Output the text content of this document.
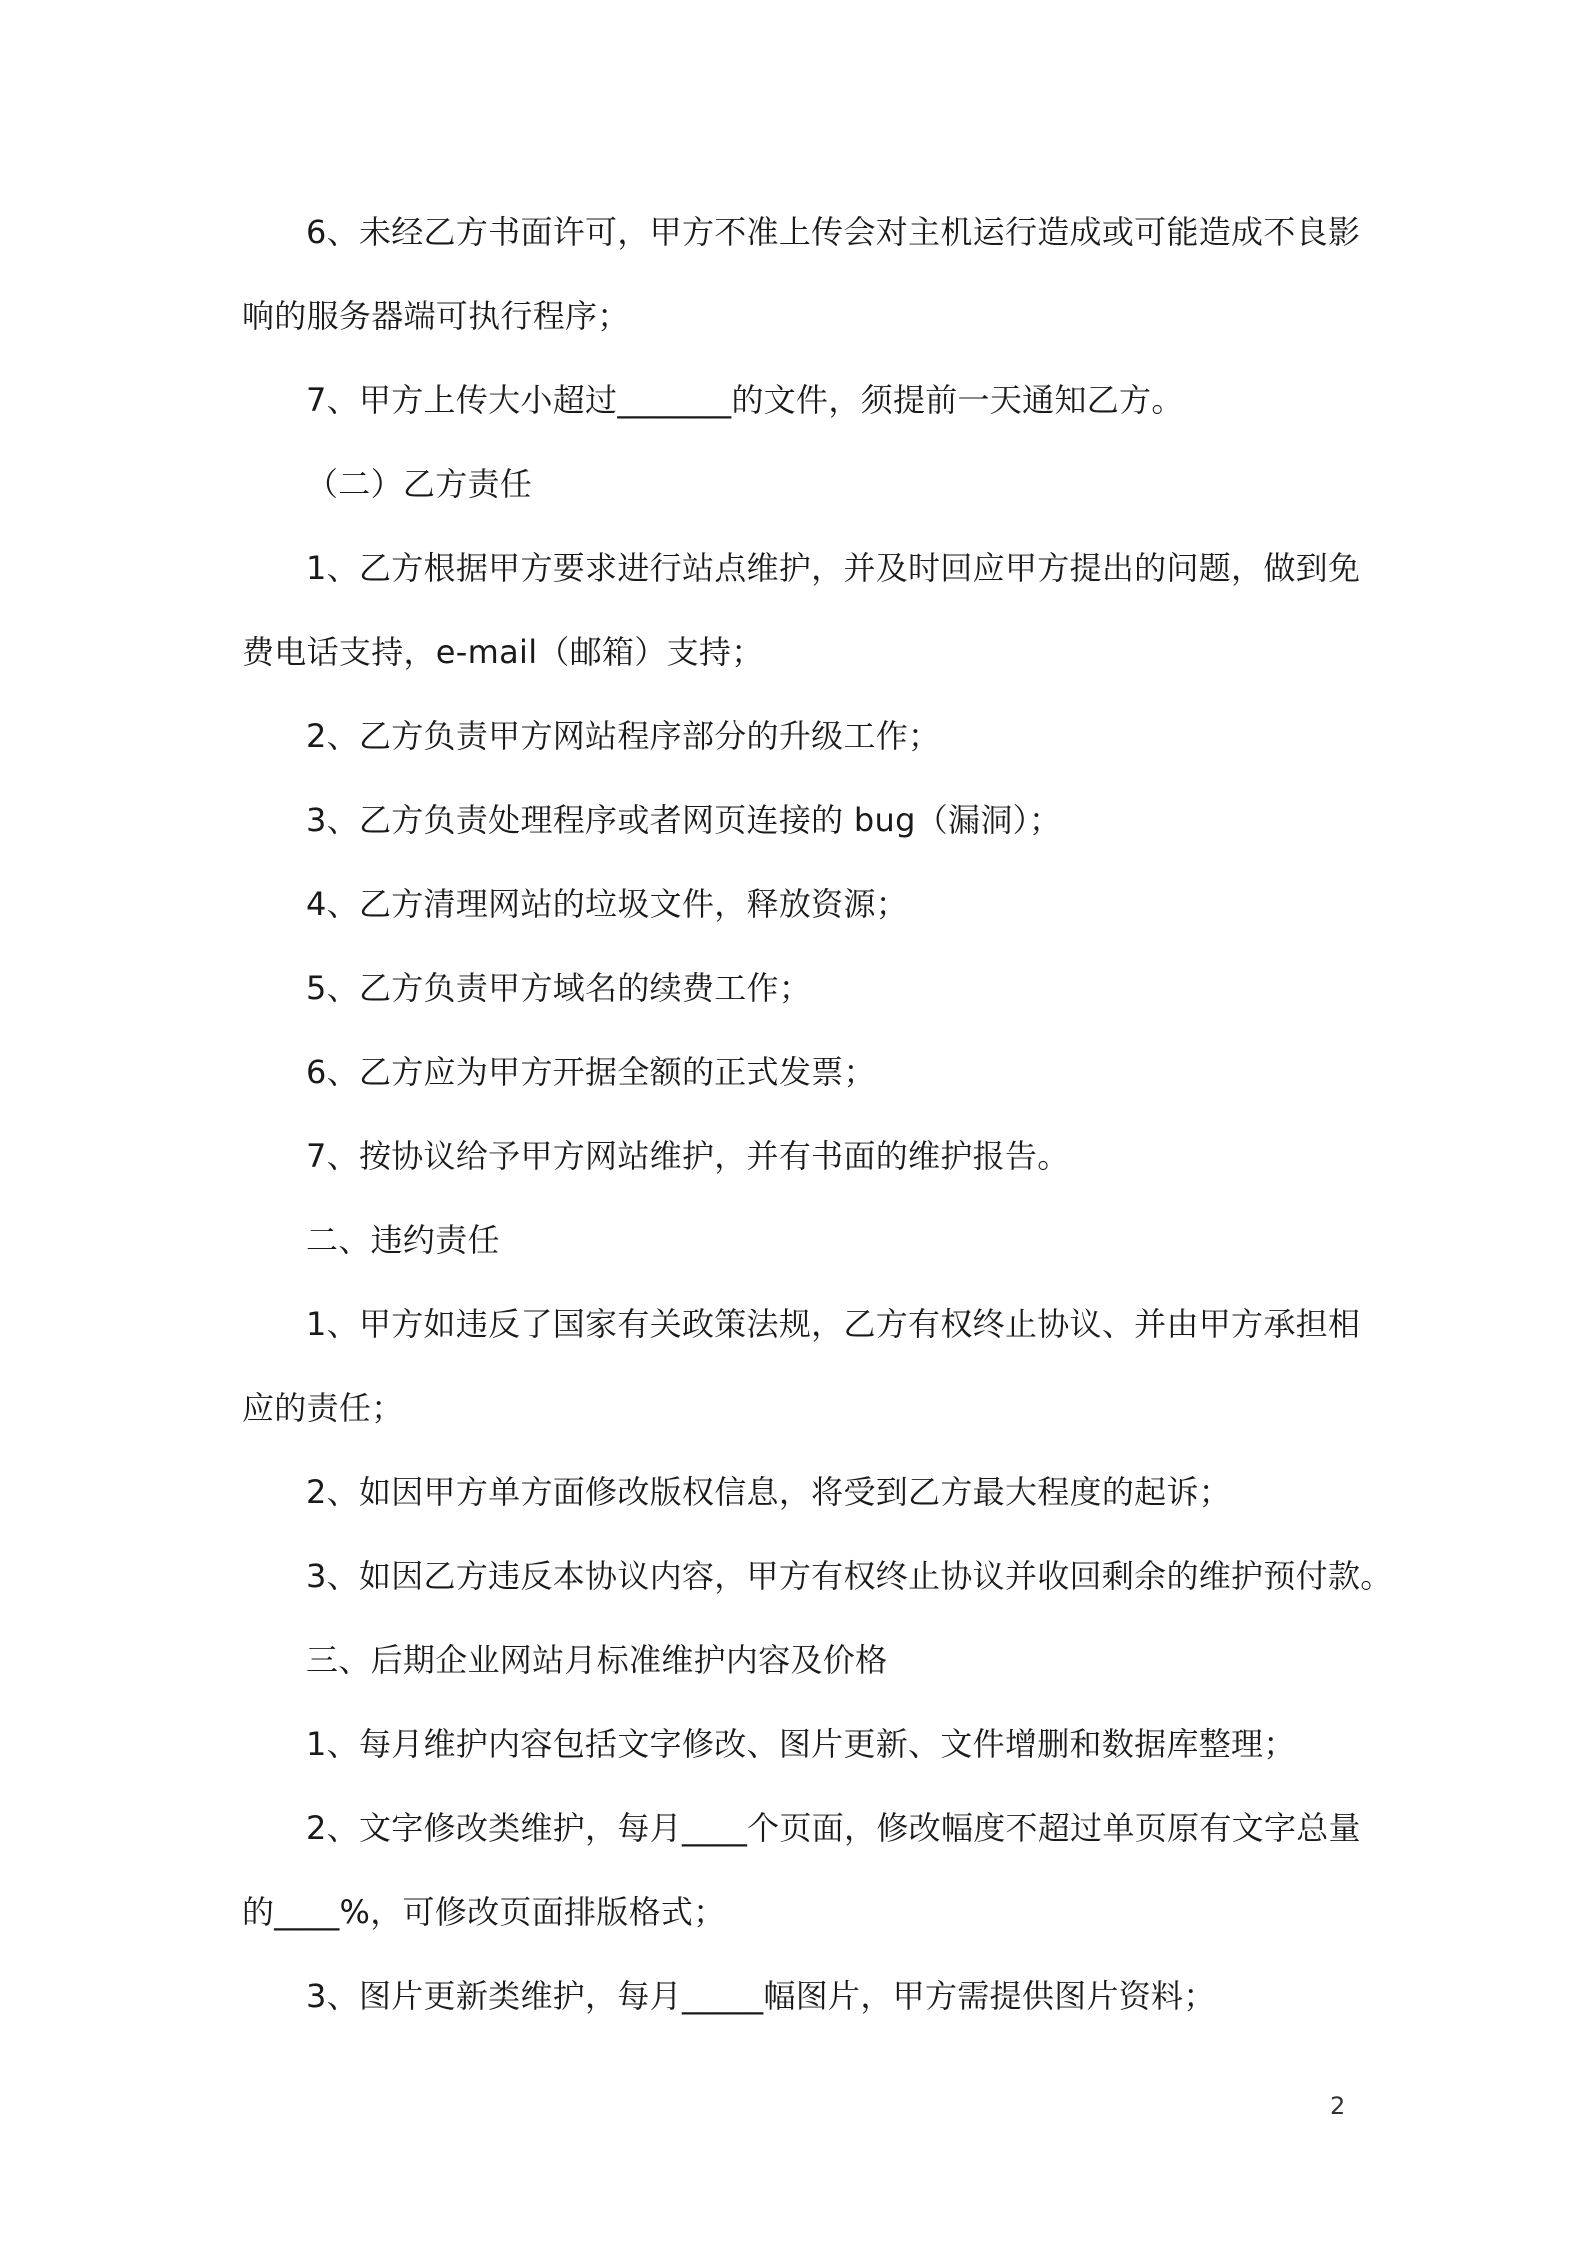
6、未经乙方书面许可，甲方不准上传会对主机运行造成或可能造成不良影
响的服务器端可执行程序；
7、甲方上传大小超过_______的文件，须提前一天通知乙方。
（二）乙方责任
1、乙方根据甲方要求进行站点维护，并及时回应甲方提出的问题，做到免
费电话支持，e-mail（邮箱）支持；
2、乙方负责甲方网站程序部分的升级工作；
3、乙方负责处理程序或者网页连接的 bug（漏洞）；
4、乙方清理网站的垃圾文件，释放资源；
5、乙方负责甲方域名的续费工作；
6、乙方应为甲方开据全额的正式发票；
7、按协议给予甲方网站维护，并有书面的维护报告。
二、违约责任
1、甲方如违反了国家有关政策法规，乙方有权终止协议、并由甲方承担相
应的责任；
2、如因甲方单方面修改版权信息，将受到乙方最大程度的起诉；
3、如因乙方违反本协议内容，甲方有权终止协议并收回剩余的维护预付款。
三、后期企业网站月标准维护内容及价格
1、每月维护内容包括文字修改、图片更新、文件增删和数据库整理；
2、文字修改类维护，每月____个页面，修改幅度不超过单页原有文字总量
的____%，可修改页面排版格式；
3、图片更新类维护，每月_____幅图片，甲方需提供图片资料；
2
